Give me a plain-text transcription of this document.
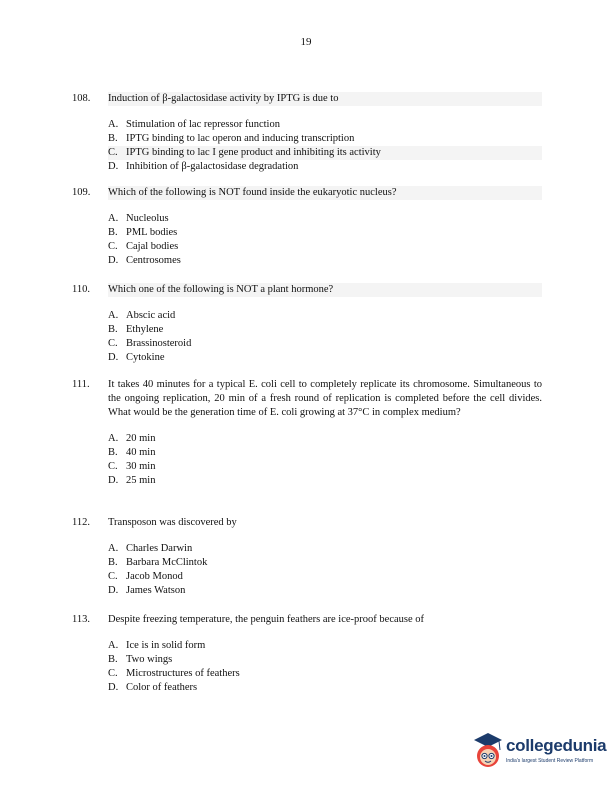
19
108.	Induction of β-galactosidase activity by IPTG is due to
A. Stimulation of lac repressor function
B. IPTG binding to lac operon and inducing transcription
C. IPTG binding to lac I gene product and inhibiting its activity
D. Inhibition of β-galactosidase degradation
109.	Which of the following is NOT found inside the eukaryotic nucleus?
A. Nucleolus
B. PML bodies
C. Cajal bodies
D. Centrosomes
110.	Which one of the following is NOT a plant hormone?
A. Abscic acid
B. Ethylene
C. Brassinosteroid
D. Cytokine
111.	It takes 40 minutes for a typical E. coli cell to completely replicate its chromosome. Simultaneous to the ongoing replication, 20 min of a fresh round of replication is completed before the cell divides. What would be the generation time of E. coli growing at 37°C in complex medium?
A. 20 min
B. 40 min
C. 30 min
D. 25 min
112.	Transposon was discovered by
A. Charles Darwin
B. Barbara McClintok
C. Jacob Monod
D. James Watson
113.	Despite freezing temperature, the penguin feathers are ice-proof because of
A. Ice is in solid form
B. Two wings
C. Microstructures of feathers
D. Color of feathers
collegedunia
India's largest Student Review Platform
